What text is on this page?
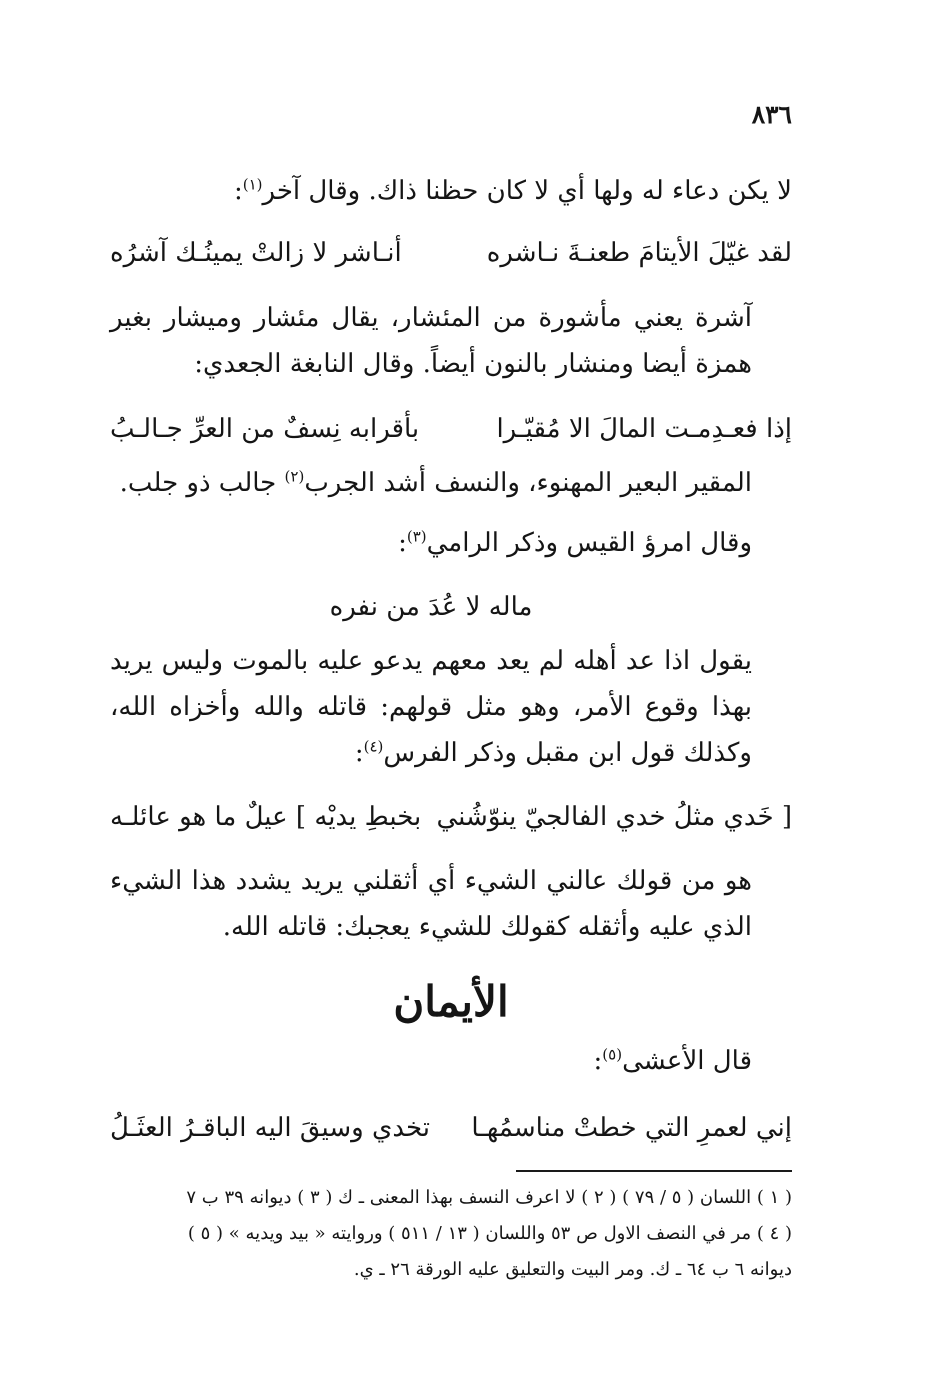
٨٣٦
لا يكن دعاء له ولها أي لا كان حظنا ذاك. وقال آخر$^{(١)}$:
لقد غيّلَ الأيتامَ طعنـةَ نـاشره
أنـاشر لا زالتْ يمينُـك آشرُه
آشرة يعني مأشورة من المئشار، يقال مئشار وميشار بغير همزة أيضا ومنشار بالنون أيضاً. وقال النابغة الجعدي:
إذا فعـدِمـت المالَ الا مُقيّـرا
بأقرابه نِسفٌ من العرِّ جـالـبُ
المقير البعير المهنوء، والنسف أشد الجرب$^{(٢)}$ جالب ذو جلب.
وقال امرؤ القيس وذكر الرامي$^{(٣)}$:
ماله لا عُدَ من نفره
يقول اذا عد أهله لم يعد معهم يدعو عليه بالموت وليس يريد بهذا وقوع الأمر، وهو مثل قولهم: قاتله والله وأخزاه الله، وكذلك قول ابن مقبل وذكر الفرس$^{(٤)}$:
[ خَدي مثلُ خدي الفالجيّ ينوّشُني
بخبطِ يديْه ] عيلٌ ما هو عائلـه
هو من قولك عالني الشيء أي أثقلني يريد يشدد هذا الشيء الذي عليه وأثقله كقولك للشيء يعجبك: قاتله الله.
الأيمان
قال الأعشى$^{(٥)}$:
إني لعمرِ التي خطتْ مناسمُهـا
تخدي وسيقَ اليه الباقـرُ العثَـلُ
( ١ ) اللسان ( ٥ / ٧٩ ) ( ٢ ) لا اعرف النسف بهذا المعنى ـ ك ( ٣ ) ديوانه ٣٩ ب ٧
( ٤ ) مر في النصف الاول ص ٥٣ واللسان ( ١٣ / ٥١١ ) وروايته « بيد ويديه » ( ٥ )
ديوانه ٦ ب ٦٤ ـ ك. ومر البيت والتعليق عليه الورقة ٢٦ ـ ي.
